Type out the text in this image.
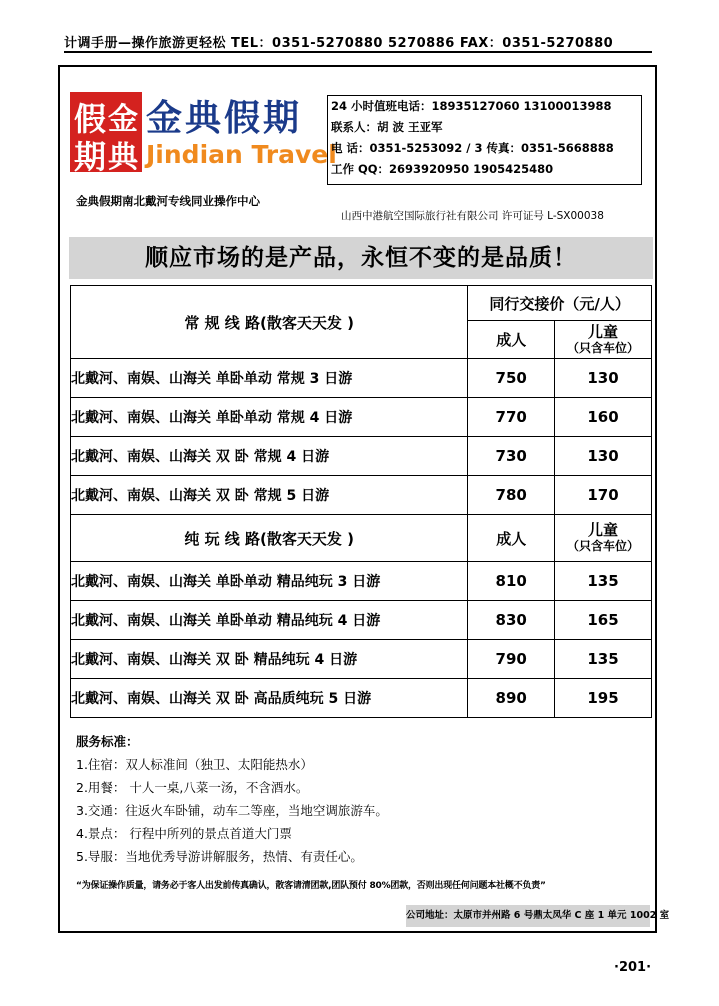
计调手册—操作旅游更轻松 TEL：0351-5270880 5270886 FAX：0351-5270880
假 金
期 典
金典假期
Jindian Travel
24 小时值班电话：18935127060 13100013988
联系人：胡 波 王亚军
电 话：0351-5253092 / 3 传真：0351-5668888
工作 QQ：2693920950 1905425480
金典假期南北戴河专线同业操作中心
山西中港航空国际旅行社有限公司 许可证号 L-SX00038
顺应市场的是产品，永恒不变的是品质！
常 规 线 路(散客天天发 )	同行交接价（元/人）	
	成人	儿童
（只含车位）

北戴河、南娱、山海关 单卧单动 常规 3 日游	750	130
北戴河、南娱、山海关 单卧单动 常规 4 日游	770	160
北戴河、南娱、山海关 双 卧 常规 4 日游	730	130
北戴河、南娱、山海关 双 卧 常规 5 日游	780	170
纯 玩 线 路(散客天天发 )	成人	儿童
（只含车位）

北戴河、南娱、山海关 单卧单动 精品纯玩 3 日游	810	135
北戴河、南娱、山海关 单卧单动 精品纯玩 4 日游	830	165
北戴河、南娱、山海关 双 卧 精品纯玩 4 日游	790	135
北戴河、南娱、山海关 双 卧 高品质纯玩 5 日游	890	195
服务标准：
1.住宿：双人标准间（独卫、太阳能热水）
2.用餐： 十人一桌,八菜一汤，不含酒水。
3.交通：往返火车卧铺，动车二等座，当地空调旅游车。
4.景点： 行程中所列的景点首道大门票
5.导服：当地优秀导游讲解服务，热情、有责任心。
“为保证操作质量，请务必于客人出发前传真确认，散客请清团款,团队预付 80%团款，否则出现任何问题本社概不负责”
公司地址：太原市并州路 6 号鼎太凤华 C 座 1 单元 1002 室
·201·
